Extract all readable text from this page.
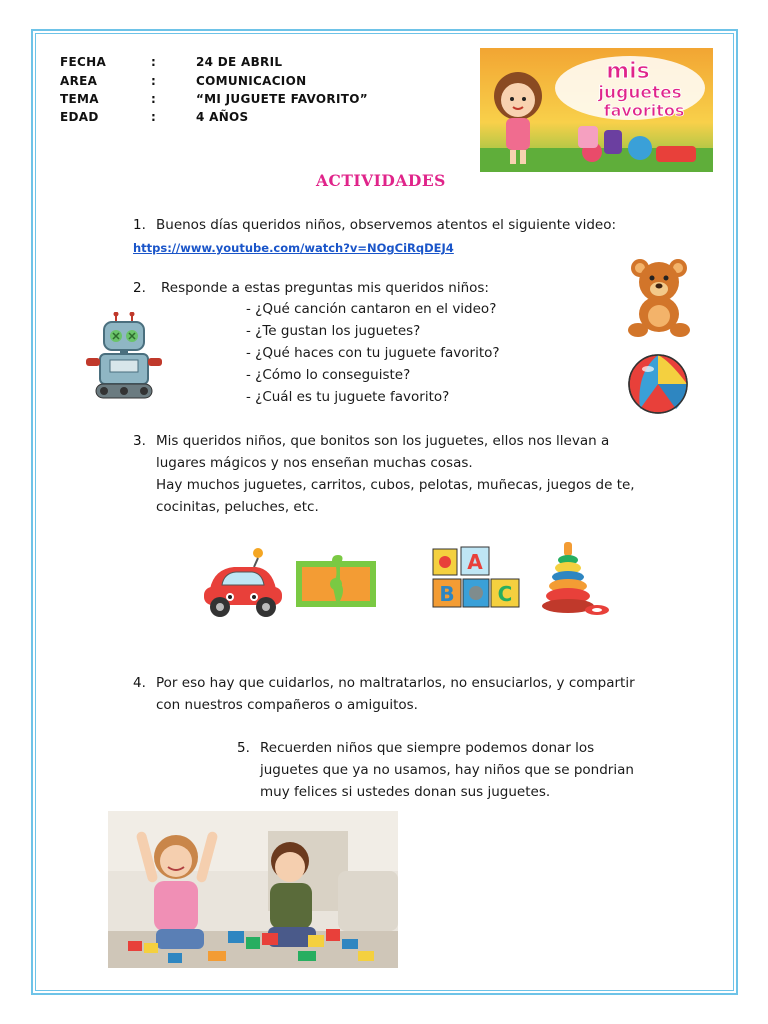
FECHA	:	24 DE ABRIL
AREA	:	COMUNICACION
TEMA	:	“MI JUGUETE FAVORITO”
EDAD	:	4 AÑOS
mis
juguetes
favoritos
ACTIVIDADES
1. Buenos días queridos niños, observemos atentos el siguiente video:
https://www.youtube.com/watch?v=NOgCiRqDEJ4
2. Responde a estas preguntas mis queridos niños:
- ¿Qué canción cantaron en el video?
- ¿Te gustan los juguetes?
- ¿Qué haces con tu juguete favorito?
- ¿Cómo lo conseguiste?
- ¿Cuál es tu juguete favorito?
3. Mis queridos niños, que bonitos son los juguetes, ellos nos llevan a
lugares mágicos y nos enseñan muchas cosas.
Hay muchos juguetes, carritos, cubos, pelotas, muñecas, juegos de te,
cocinitas, peluches, etc.
A
B C
4. Por eso hay que cuidarlos, no maltratarlos, no ensuciarlos, y compartir
con nuestros compañeros o amiguitos.
5. Recuerden niños que siempre podemos donar los
juguetes que ya no usamos, hay niños que se pondrian
muy felices si ustedes donan sus juguetes.
